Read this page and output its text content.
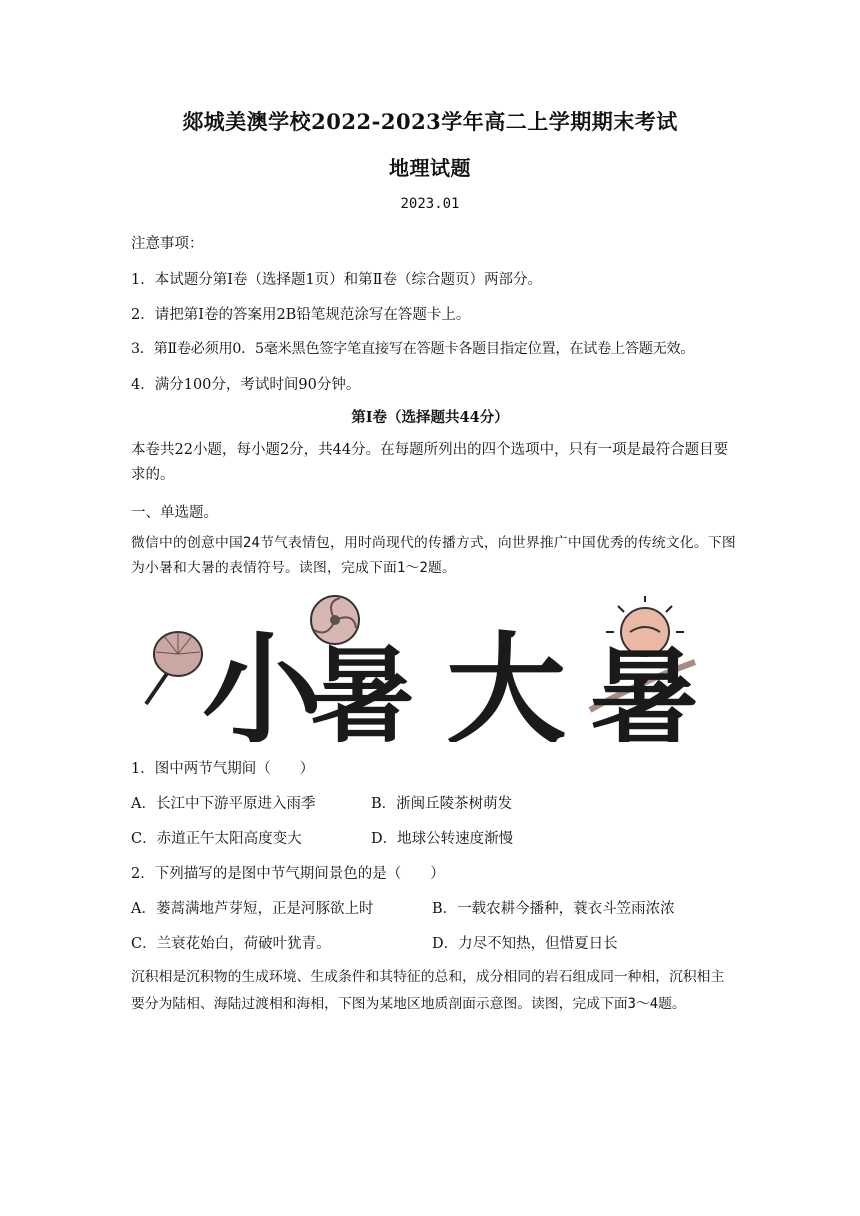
郯城美澳学校2022-2023学年高二上学期期末考试
地理试题
2023.01
注意事项：
1．本试题分第Ⅰ卷（选择题1页）和第Ⅱ卷（综合题页）两部分。
2．请把第Ⅰ卷的答案用2B铅笔规范涂写在答题卡上。
3．第Ⅱ卷必须用0．5毫米黑色签字笔直接写在答题卡各题目指定位置，在试卷上答题无效。
4．满分100分，考试时间90分钟。
第Ⅰ卷（选择题共44分）
本卷共22小题，每小题2分，共44分。在每题所列出的四个选项中，只有一项是最符合题目要求的。
一、单选题。
微信中的创意中国24节气表情包，用时尚现代的传播方式，向世界推广中国优秀的传统文化。下图为小暑和大暑的表情符号。读图，完成下面1～2题。
小
暑 大 暑
1．图中两节气期间（　　）
A．长江中下游平原进入雨季	B．浙闽丘陵茶树萌发
C．赤道正午太阳高度变大	D．地球公转速度渐慢
2．下列描写的是图中节气期间景色的是（　　）
A．蒌蒿满地芦芽短，正是河豚欲上时	B．一载农耕今播种，蓑衣斗笠雨浓浓
C．兰衰花始白，荷破叶犹青。	D．力尽不知热，但惜夏日长
沉积相是沉积物的生成环境、生成条件和其特征的总和，成分相同的岩石组成同一种相，沉积相主要分为陆相、海陆过渡相和海相，下图为某地区地质剖面示意图。读图，完成下面3～4题。
